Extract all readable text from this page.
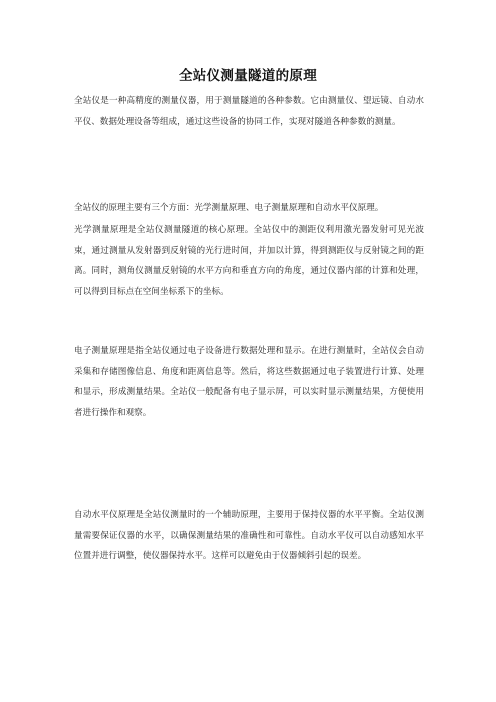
全站仪测量隧道的原理

全站仪是一种高精度的测量仪器，用于测量隧道的各种参数。它由测量仪、望远镜、自动水平仪、数据处理设备等组成，通过这些设备的协同工作，实现对隧道各种参数的测量。

全站仪的原理主要有三个方面：光学测量原理、电子测量原理和自动水平仪原理。

光学测量原理是全站仪测量隧道的核心原理。全站仪中的测距仪利用激光器发射可见光波束，通过测量从发射器到反射镜的光行进时间，并加以计算，得到测距仪与反射镜之间的距离。同时，测角仪测量反射镜的水平方向和垂直方向的角度，通过仪器内部的计算和处理，可以得到目标点在空间坐标系下的坐标。

电子测量原理是指全站仪通过电子设备进行数据处理和显示。在进行测量时，全站仪会自动采集和存储图像信息、角度和距离信息等。然后，将这些数据通过电子装置进行计算、处理和显示，形成测量结果。全站仪一般配备有电子显示屏，可以实时显示测量结果，方便使用者进行操作和观察。

自动水平仪原理是全站仪测量时的一个辅助原理，主要用于保持仪器的水平平衡。全站仪测量需要保证仪器的水平，以确保测量结果的准确性和可靠性。自动水平仪可以自动感知水平位置并进行调整，使仪器保持水平。这样可以避免由于仪器倾斜引起的误差。
